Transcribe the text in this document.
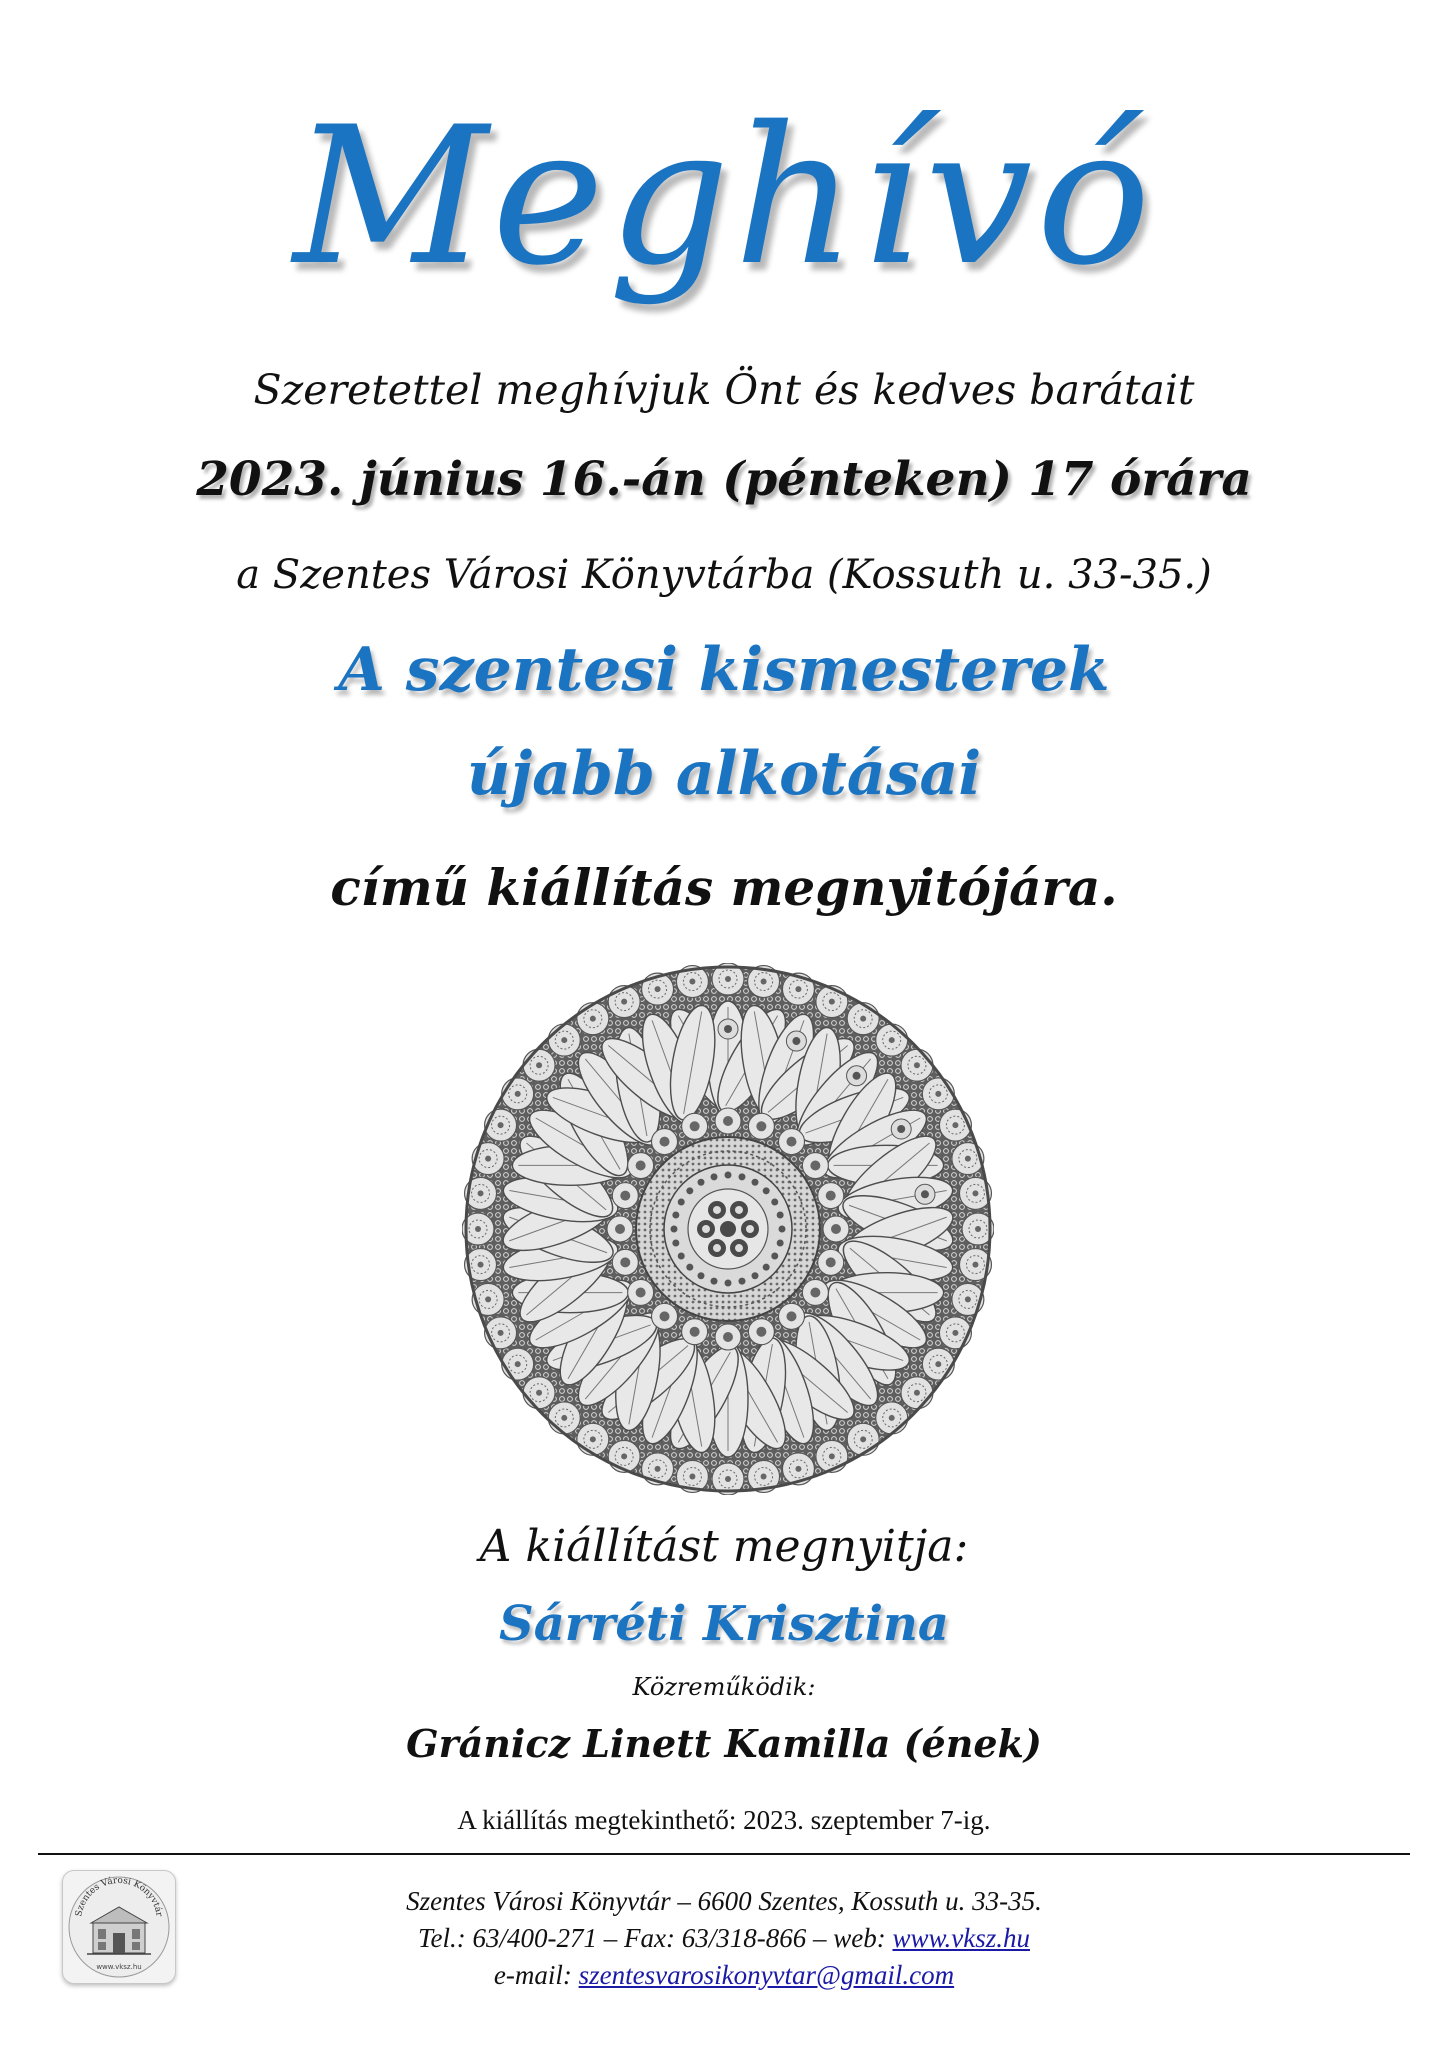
Meghívó
Szeretettel meghívjuk Önt és kedves barátait
2023. június 16.-án (pénteken) 17 órára
a Szentes Városi Könyvtárba (Kossuth u. 33-35.)
A szentesi kismesterek
újabb alkotásai
című kiállítás megnyitójára.
A kiállítást megnyitja:
Sárréti Krisztina
Közreműködik:
Gránicz Linett Kamilla (ének)
A kiállítás megtekinthető: 2023. szeptember 7-ig.
Szentes Városi Könyvtár
www.vksz.hu
Szentes Városi Könyvtár – 6600 Szentes, Kossuth u. 33-35.
Tel.: 63/400-271 – Fax: 63/318-866 – web: www.vksz.hu
e-mail: szentesvarosikonyvtar@gmail.com
